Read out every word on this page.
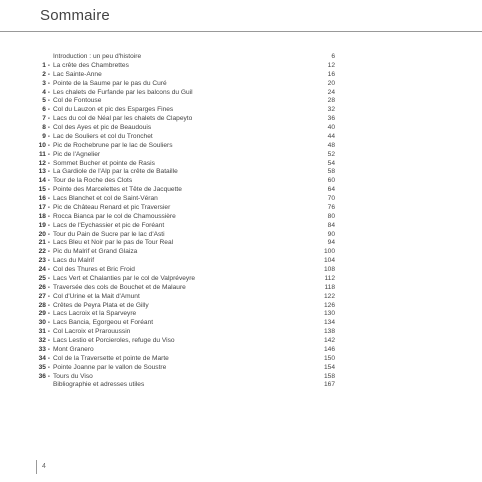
Sommaire
Introduction : un peu d'histoire	6
1 - La crête des Chambrettes	12
2 - Lac Sainte-Anne	16
3 - Pointe de la Saume par le pas du Curé	20
4 - Les chalets de Furfande par les balcons du Guil	24
5 - Col de Fontouse	28
6 - Col du Lauzon et pic des Esparges Fines	32
7 - Lacs du col de Néal par les chalets de Clapeyto	36
8 - Col des Ayes et pic de Beaudouis	40
9 - Lac de Souliers et col du Tronchet	44
10 - Pic de Rochebrune par le lac de Souliers	48
11 - Pic de l'Agnelier	52
12 - Sommet Bucher et pointe de Rasis	54
13 - La Gardiole de l'Alp par la crête de Bataille	58
14 - Tour de la Roche des Clots	60
15 - Pointe des Marcelettes et Tête de Jacquette	64
16 - Lacs Blanchet et col de Saint-Véran	70
17 - Pic de Château Renard et pic Traversier	76
18 - Rocca Bianca par le col de Chamoussière	80
19 - Lacs de l'Eychassier et pic de Foréant	84
20 - Tour du Pain de Sucre par le lac d'Asti	90
21 - Lacs Bleu et Noir par le pas de Tour Real	94
22 - Pic du Malrif et Grand Glaiza	100
23 - Lacs du Malrif	104
24 - Col des Thures et Bric Froid	108
25 - Lacs Vert et Chalanties par le col de Valpréveyre	112
26 - Traversée des cols de Bouchet et de Malaure	118
27 - Col d'Urine et la Mait d'Amunt	122
28 - Crêtes de Peyra Plata et de Gilly	126
29 - Lacs Lacroix et la Sparveyre	130
30 - Lacs Bancia, Egorgeou et Foréant	134
31 - Col Lacroix et Prarouussin	138
32 - Lacs Lestio et Porcieroles, refuge du Viso	142
33 - Mont Granero	146
34 - Col de la Traversette et pointe de Marte	150
35 - Pointe Joanne par le vallon de Soustre	154
36 - Tours du Viso	158
Bibliographie et adresses utiles	167
4
